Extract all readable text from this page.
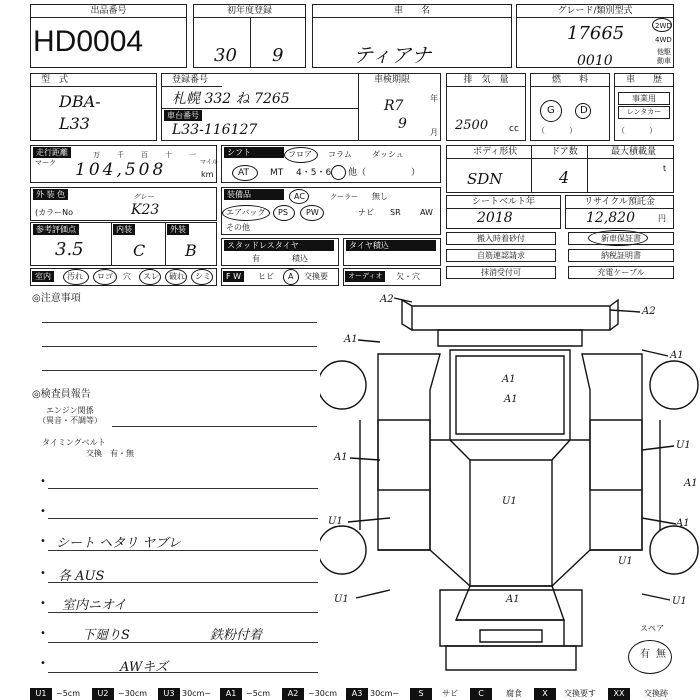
出品番号
HD0004
初年度登録
30 9
車　　名
ティアナ
グレード/類別型式
17665
0010
2WD
4WD
他駆
動車
型　式
DBA-
L33
登録番号	車検期限
札幌 332 ね 7265
車台番号
L33-116127
R7
9
年
月
排　気　量
2500 cc
燃　　料
G	D
（　　　）
車　　歴
事業用
レンタカー
（　　　）
走行距離
マーク
万 千 百 十 一
104,508	マイル
km
シフト	フロア コラム	ダッシュ
AT MT 4・5・6 他（　　　　　）
ボディ形状	ドア数	最大積載量
SDN	4	t
外 装 色	グレー
(カラーNo	K23
装備品	AC	クーラー 無し
エアバッグ PS PW	ナビ SR AW
その他
シートベルト年
2018
リサイクル預託金
12,820	円
参考評価点	内装	外装
3.5	C B	スタッドレスタイヤ
有	積込
タイヤ積込
搬入時着砂付
自筋連認請求
抹消受付可
新車保証書
納税証明書
充電ケーブル
室内	汚れ ロゴ 穴 スレ 破れ シミ	F W	ヒビ A 交換要	オーディオ	欠・穴
◎注意事項
◎検査員報告
エンジン関係
（異音・不調等）
タイミングベルト
交換　有・無
•
•
• シート ヘタリ ヤブレ
• 各 AUS
• 室内ニオイ
•	下廻りS	鉄粉付着
•	AWキズ
A2
A2
A1
A1
A1
A1
U1
A1
U1
U1	A1
U1	U1
A1
U1
A1
スペア
有 無
U1	~5cm	U2	~30cm	U3 30cm~	A1	~5cm	A2	~30cm	A3 30cm~	S	サビ	C	腐食	X	交換要す	XX	交換跡
